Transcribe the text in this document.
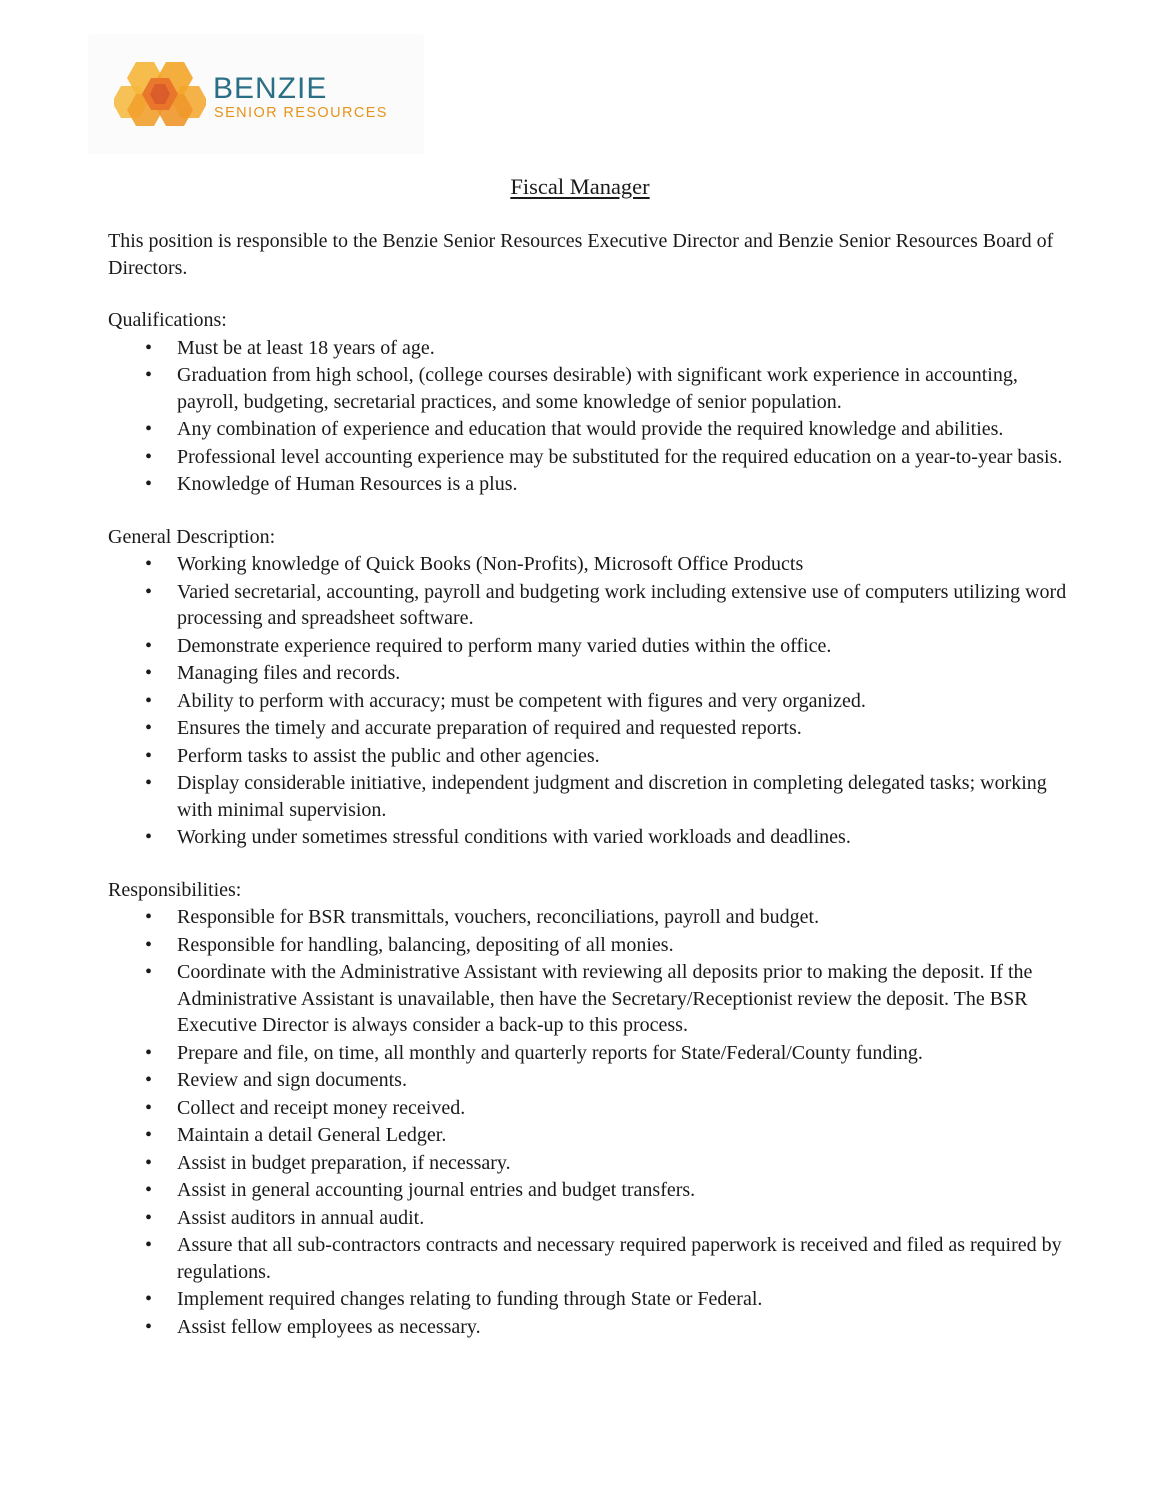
BENZIE
SENIOR RESOURCES
Fiscal Manager

This position is responsible to the Benzie Senior Resources Executive Director and Benzie Senior Resources Board of Directors.

Qualifications:

• Must be at least 18 years of age.
• Graduation from high school, (college courses desirable) with significant work experience in accounting, payroll, budgeting, secretarial practices, and some knowledge of senior population.
• Any combination of experience and education that would provide the required knowledge and abilities.
• Professional level accounting experience may be substituted for the required education on a year-to-year basis.
• Knowledge of Human Resources is a plus.

General Description:

• Working knowledge of Quick Books (Non-Profits), Microsoft Office Products
• Varied secretarial, accounting, payroll and budgeting work including extensive use of computers utilizing word processing and spreadsheet software.
• Demonstrate experience required to perform many varied duties within the office.
• Managing files and records.
• Ability to perform with accuracy; must be competent with figures and very organized.
• Ensures the timely and accurate preparation of required and requested reports.
• Perform tasks to assist the public and other agencies.
• Display considerable initiative, independent judgment and discretion in completing delegated tasks; working with minimal supervision.
• Working under sometimes stressful conditions with varied workloads and deadlines.

Responsibilities:

• Responsible for BSR transmittals, vouchers, reconciliations, payroll and budget.
• Responsible for handling, balancing, depositing of all monies.
• Coordinate with the Administrative Assistant with reviewing all deposits prior to making the deposit. If the Administrative Assistant is unavailable, then have the Secretary/Receptionist review the deposit. The BSR Executive Director is always consider a back-up to this process.
• Prepare and file, on time, all monthly and quarterly reports for State/Federal/County funding.
• Review and sign documents.
• Collect and receipt money received.
• Maintain a detail General Ledger.
• Assist in budget preparation, if necessary.
• Assist in general accounting journal entries and budget transfers.
• Assist auditors in annual audit.
• Assure that all sub-contractors contracts and necessary required paperwork is received and filed as required by regulations.
• Implement required changes relating to funding through State or Federal.
• Assist fellow employees as necessary.
